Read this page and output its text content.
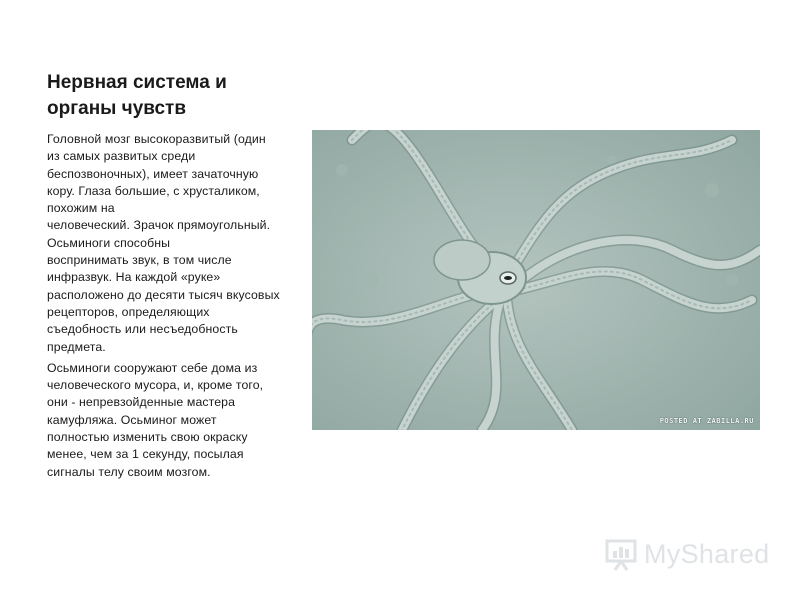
Нервная система и
органы чувств

Головной мозг высокоразвитый (один
из самых развитых среди
беспозвоночных), имеет зачаточную
кору. Глаза большие, с хрусталиком,
похожим на
человеческий. Зрачок прямоугольный.
Осьминоги способны
воспринимать звук, в том числе
инфразвук. На каждой «руке»
расположено до десяти тысяч вкусовых
рецепторов, определяющих
съедобность или несъедобность
предмета.

Осьминоги сооружают себе дома из
человеческого мусора, и, кроме того,
они - непревзойденные мастера
камуфляжа. Осьминог может
полностью изменить свою окраску
менее, чем за 1 секунду, посылая
сигналы телу своим мозгом.

POSTED AT ZABILLA.RU
MyShared
